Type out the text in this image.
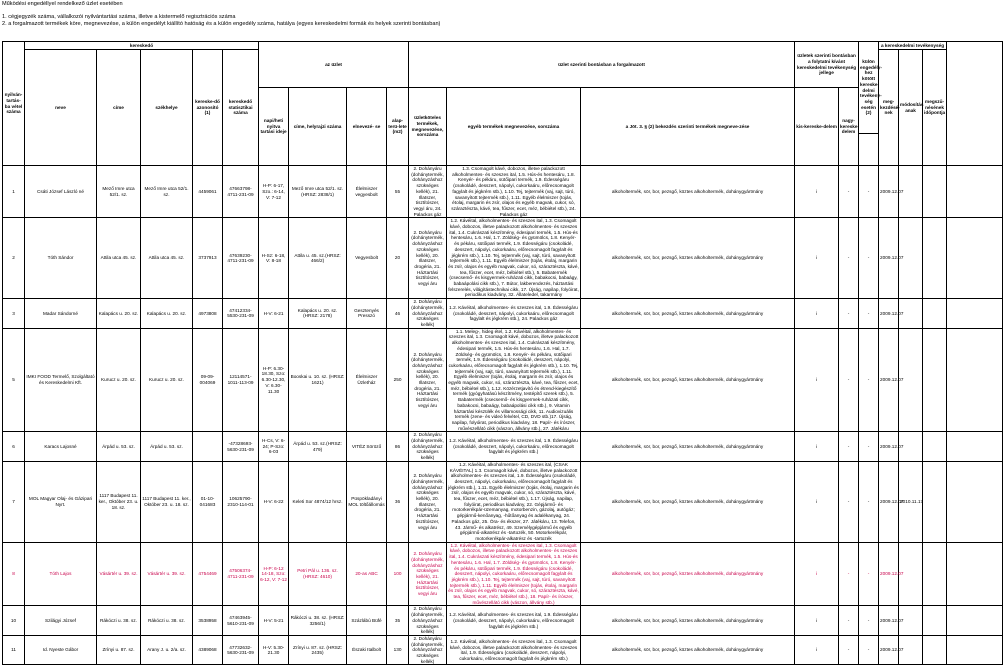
Működési engedéllyel rendelkező üzlet esetében
1. cégjegyzék száma, vállalkozói nyilvántartási száma, illetve a kistermelő regisztrációs száma
2. a forgalmazott termékek köre, megnevezése, a külön engedélyt kiállító hatóság és a külön engedély száma, hatálya (egyes kereskedelmi formák és helyek szerinti bontásban)
nyilván-tartás-ba vétel száma	kereskedő					az üzlet				üzlet szerinti bontásban a forgalmazott			üzletek szerinti bontásban a folytatni kívánt kereskedelmi tevékenység jellege		külön engedély-hez kötött kereske-delmi tevékeny-ség esetén (2)	a kereskedelmi tevékenység			
	neve	címe	székhelye	kereske-dő azonosító (1)	kereskedő statisztikai száma											meg-kezdésé-nek	módosítás anak	megszű-nésének időpontja	
						napi/heti nyitva tartási ideje	címe, helyrajzi száma	elnevezé- se	alap-terü-lete (m2)	üzletköteles termékek, megnevezése, sorszáma	egyéb termékek megnevezése, sorszáma	a Jöt. 3. § (2) bekezdés szerinti termékek megneve-zése	kis-kereske-delem	nagy-kereske-delem					

1	Csáti József László né	Mező Imre utca 52/1. sz.	Mező Imre utca 52/1. sz.	4459061	47663798-4711-231-09	H-P: 6-17, Szo.: 6-14, V: 7-12	Mező Imre utca 52/1. sz. (HRSZ: 2838/1)	Élelmiszer vegyesbolt	55	2. Dohányáru (dohánytermék, dohányzáshoz szükséges kellék), 21. Illatszer, tisztítószer, vegyi áru, 24. Palackos gáz	1.3. Csomagolt kávé, dobozos, illetve palackozott alkoholmentes- és szeszes ital, 1.5. Hús-és hentesáru, 1.8. Kenyér- és pékáru, sütőipari termék, 1.9. Édességáru (csokoládé, desszert, nápolyi, cukorkaáru, előrecsomagolt fagylalt és jégkrém stb.), 1.10. Tej, tejtermék (vaj, sajt, túró, savanyított tejtermék stb.), 1.11. Egyéb élelmiszer (tojás, étolaj, margarin és zsír, olajos és egyéb magvak, cukor, só, száraztészta, kávé, tea, fűszer, ecet, méz, bébiétel stb.), 24. Palackos gáz	alkoholtermék, sör, bor, pezsgő, köztes alkoholtermék, dohánygyártmány	i	-	-	2009.12.07			
2	Tóth Sándor	Attila utca 45. sz.	Attila utca 45. sz.	3737913	47639230-4711-231-09	H-Sz: 6-18, V: 8-18	Attila u. 45. sz.(HRSZ: 466/2)	Vegyesbolt	20	2. Dohányáru (dohánytermék, dohányzáshoz szükséges kellék), 20. Illatszer, drogéria, 21. Háztartási tisztítószer, vegyi áru	1.2. Kávéital, alkoholmentes- és szeszes ital, 1.3. Csomagolt kávé, dobozos, illetve palackozott alkoholmentes- és szeszes ital, 1.4. Cukrászati készítmény, édesipari termék, 1.5. Hús-és hentesáru, 1.6. Hal, 1.7. Zöldség- és gyümölcs, 1.8. Kenyér- és pékáru, sütőipari termék, 1.9. Édességáru (csokoládé, desszert, nápolyi, cukorkaáru, előrecsomagolt fagylalt és jégkrém stb.), 1.10. Tej, tejtermék (vaj, sajt, túró, savanyított tejtermék stb.), 1.11. Egyéb élelmiszer (tojás, étolaj, margarin és zsír, olajos és egyéb magvak, cukor, só, száraztészta, kávé, tea, fűszer, ecet, méz, bébiétel stb.), 5. Babatermék (csecsemő- és kisgyermek-ruházati cikk, babakocsi, babaágy, babaápolási cikk stb.), 7. Bútor, lakberendezés, háztartási felszerelés, világítástechnikai cikk, 17. Újság, napilap, folyóirat, periodikus kiadvány, 32. Állateledel, takarmány	alkoholtermék, sör, bor, pezsgő, köztes alkoholtermék, dohánygyártmány	i	-	-	2009.12.07			
3	Madar Sándorné	Kalapács u. 20. sz.	Kalapács u. 20. sz.	4973808	47412334-5530-231-09	H-V: 6-21	Kalapács u. 20. sz.(HRSZ: 2178)	Gesztenyés Presszó	46	2. Dohányáru (dohánytermék, dohányzáshoz szükséges kellék)	1.2. Kávéital, alkoholmentes- és szeszes ital, 1.9. Édességáru (csokoládé, desszert, nápolyi, cukorkaáru, előrecsomagolt fagylalt és jégkrém stb.), 24. Palackos gáz	alkoholtermék, sör, bor, pezsgő, köztes alkoholtermék, dohánygyártmány	i	-	-	2009.12.07			
5	IMKI FOOD Termelő, Szolgáltató és Kereskedelmi Kft.	Kurucz u. 20. sz.	Kurucz u. 20. sz.	09-09-004069	12114571-1011-113-09	H-P: 6.30-18.30, Szo: 6.30-12.30, V: 6.30-11.30	Booskai u. 10. sz. (HRSZ: 1621)	Élelmiszer Üzletház	250	2. Dohányáru (dohánytermék, dohányzáshoz szükséges kellék), 20. Illatszer, drogéria, 21. Háztartási tisztítószer, vegyi áru	1.1. Meleg-, hideg étel, 1.2. Kávéital, alkoholmentes- és szeszes ital, 1.3. Csomagolt kávé, dobozos, illetve palackozott alkoholmentes- és szeszes ital, 1.4. Cukrászati készítmény, édesipari termék, 1.5. Hús-és hentesáru, 1.6. Hal, 1.7. Zöldség- és gyümölcs, 1.8. Kenyér- és pékáru, sütőipari termék, 1.9. Édességáru (csokoládé, desszert, nápolyi, cukorkaáru, előrecsomagolt fagylalt és jégkrém stb.), 1.10. Tej, tejtermék (vaj, sajt, túró, savanyított tejtermék stb.), 1.11. Egyéb élelmiszer (tojás, étolaj, margarin és zsír, olajos és egyéb magvak, cukor, só, száraztészta, kávé, tea, fűszer, ecet, méz, bébiétel stb.), 1.12. Közérzetjavító és étrend-kiegészítő termék (gyógyhatású készítmény, testépítő szerek stb.), 5. Babatermék (csecsemő- és kisgyermek-ruházati cikk, babakocsi, babaágy, babaápolási cikk stb.), 9. Vitamin háztartási készülék és villamossági cikk, 11. Audiovizuális termék (zene- és videó felvétel, CD, DVD stb.)17. Újság, napilap, folyóirat, periodikus kiadvány, 18. Papír- és írószer, művészellátó cikk (vászon, állvány stb.), 27. Játékáru	alkoholtermék, sör, bor, pezsgő, köztes alkoholtermék, dohánygyártmány	i	-	-	2009.12.07			
6	Karacs Lajosné	Árpád u. 53. sz.	Árpád u. 53. sz.		-47328693-5630-231-09	H-Cs, V: 6-24; P-Szo: 6-03	Árpád u. 53. sz.(HRSZ: 479)	VITÉZ Söröző	86	2. Dohányáru (dohánytermék, dohányzáshoz szükséges kellék)	1.2. Kávéital, alkoholmentes- és szeszes ital, 1.9. Édességáru (csokoládé, desszert, nápolyi, cukorkaáru, előrecsomagolt fagylalt és jégkrém stb.)	alkoholtermék, sör, bor, pezsgő, köztes alkoholtermék, dohánygyártmány	i	-	-	2009.12.07			
7	MOL Magyar Olaj- és Gázipari Nyrt.	1117 Budapest 11. ker., Október 23. u. 18. sz.	1117 Budapest 11. ker., Október 23. u. 18. sz.	01-10-041683	10625790-2310-114-01	H-V: 6-22	Keleti Sor 4874/12 hrsz.	Püspökladányi MOL töltőállomás	36	2. Dohányáru (dohánytermék, dohányzáshoz szükséges kellék), 20. Illatszer, drogéria, 21. Háztartási tisztítószer, vegyi áru	1.2. Kávéital, alkoholmentes- és szeszes ital, (CSAK KÁVÉITAL) 1.3. Csomagolt kávé, dobozos, illetve palackozott alkoholmentes- és szeszes ital, 1.9. Édességáru (csokoládé, desszert, nápolyi, cukorkaáru, előrecsomagolt fagylalt és jégkrém stb.), 1.11. Egyéb élelmiszer (tojás, étolaj, margarin és zsír, olajos és egyéb magvak, cukor, só, száraztészta, kávé, tea, fűszer, ecet, méz, bébiétel stb.), 1.17. Újság, napilap, folyóirat, periodikus kiadvány, 22. Gépjármű- és motorkerékpár-üzemanyag, motorbenzin, gázolaj, autógáz; gépjármű-kenőanyag, -hűtőanyag és adalékanyag, 24. Palackos gáz, 25. Óra- és ékszer, 27. Játékáru, 13. Telefon, 43. Jármű- és alkatrész, 49. Személygépjármű és egyéb gépjármű-alkatrész és -tartozék, 50. Motorkerékpár, motorkerékpár-alkatrész és -tartozék	alkoholtermék, sör, bor, pezsgő, köztes alkoholtermék, dohánygyártmány	i	-	-	2009.12.07	2010.11.17		
8	Tóth Lajos	Vásártér u. 39. sz.	Vásártér u. 39. sz.	4754469	47506374-4711-231-09	H-P: 6-12 14-18, Szo: 6-12, V: 7-12	Petri Pál u. 136. sz. (HRSZ: 4610)	20-as ABC	100	2. Dohányáru (dohánytermék, dohányzáshoz szükséges kellék), 21. Háztartási tisztítószer, vegyi áru	1.2. Kávéital, alkoholmentes- és szeszes ital, 1.3. Csomagolt kávé, dobozos, illetve palackozott alkoholmentes- és szeszes ital, 1.4. Cukrászati készítmény, édesipari termék, 1.5. Hús-és hentesáru, 1.6. Hal, 1.7. Zöldség- és gyümölcs, 1.8. Kenyér- és pékáru, sütőipari termék, 1.9. Édességáru (csokoládé, desszert, nápolyi, cukorkaáru, előrecsomagolt fagylalt és jégkrém stb.), 1.10. Tej, tejtermék (vaj, sajt, túró, savanyított tejtermék stb.), 1.11. Egyéb élelmiszer (tojás, étolaj, margarin és zsír, olajos és egyéb magvak, cukor, só, száraztészta, kávé, tea, fűszer, ecet, méz, bébiétel stb.), 18. Papír- és írószer, művészellátó cikk (vászon, állvány stb.)	alkoholtermék, sör, bor, pezsgő, köztes alkoholtermék, dohánygyártmány	i	-	-	2009.12.07			
10	Szilágyi József	Rákóczi u. 38. sz.	Rákóczi u. 38. sz.	3538958	47463945-5610-231-09	H-V: 5-21	Rákóczi u. 38. sz. (HRSZ: 3256/1)	Százlábú Büfé	35	2. Dohányáru (dohánytermék, dohányzáshoz szükséges kellék)	1.2. Kávéital, alkoholmentes- és szeszes ital, 1.9. Édességáru (csokoládé, desszert, nápolyi, cukorkaáru, előrecsomagolt fagylalt és jégkrém stb.)	alkoholtermék, sör, bor, pezsgő, köztes alkoholtermék, dohánygyártmány	i	-	-	2009.12.07			
11	Id. Nyeste Gábor	Zrínyi u. 87. sz.	Arany J. u. 2/a. sz.	4389068	47732632-5630-231-09	H-V: 5.30-21.30	Zrínyi u. 87. sz. (HRSZ: 2435)	Északi Italbolt	130	2. Dohányáru (dohánytermék, dohányzáshoz szükséges kellék)	1.2. Kávéital, alkoholmentes- és szeszes ital, 1.3. Csomagolt kávé, dobozos, illetve palackozott alkoholmentes- és szeszes ital, 1.9. Édességáru (csokoládé, desszert, nápolyi, cukorkaáru, előrecsomagolt fagylalt és jégkrém stb.)	alkoholtermék, sör, bor, pezsgő, köztes alkoholtermék, dohánygyártmány	i	-	-	2009.12.07			
